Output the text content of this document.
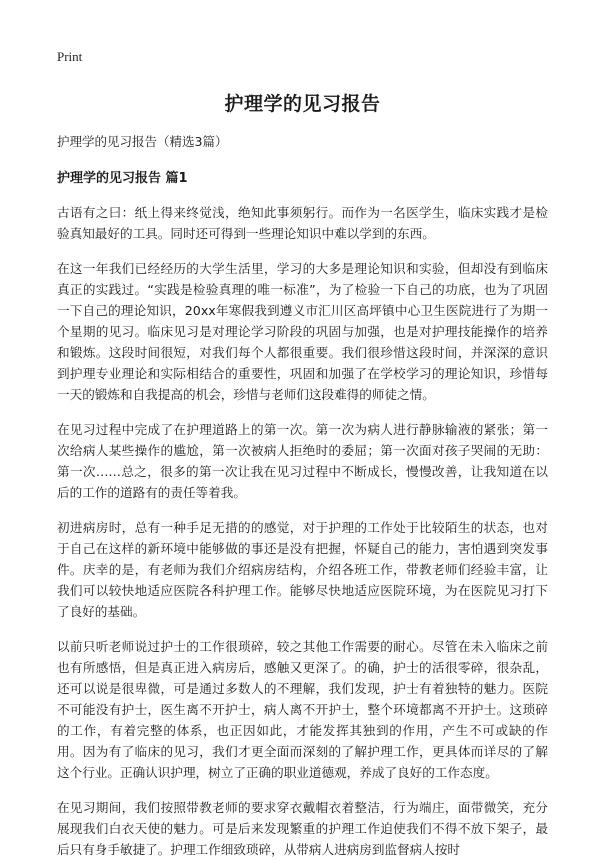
Print
护理学的见习报告
护理学的见习报告（精选3篇）
护理学的见习报告 篇1

古语有之曰：纸上得来终觉浅，绝知此事须躬行。而作为一名医学生，临床实践才是检验真知最好的工具。同时还可得到一些理论知识中难以学到的东西。

在这一年我们已经经历的大学生活里，学习的大多是理论知识和实验，但却没有到临床真正的实践过。“实践是检验真理的唯一标准”，为了检验一下自己的功底，也为了巩固一下自己的理论知识，20xx年寒假我到遵义市汇川区高坪镇中心卫生医院进行了为期一个星期的见习。临床见习是对理论学习阶段的巩固与加强，也是对护理技能操作的培养和锻炼。这段时间很短，对我们每个人都很重要。我们很珍惜这段时间，并深深的意识到护理专业理论和实际相结合的重要性，巩固和加强了在学校学习的理论知识，珍惜每一天的锻炼和自我提高的机会，珍惜与老师们这段难得的师徒之情。

在见习过程中完成了在护理道路上的第一次。第一次为病人进行静脉输液的紧张；第一次给病人某些操作的尴尬，第一次被病人拒绝时的委屈；第一次面对孩子哭闹的无助：第一次……总之，很多的第一次让我在见习过程中不断成长，慢慢改善，让我知道在以后的工作的道路有的责任等着我。

初进病房时，总有一种手足无措的的感觉，对于护理的工作处于比较陌生的状态，也对于自己在这样的新环境中能够做的事还是没有把握，怀疑自己的能力，害怕遇到突发事件。庆幸的是，有老师为我们介绍病房结构，介绍各班工作，带教老师们经验丰富，让我们可以较快地适应医院各科护理工作。能够尽快地适应医院环境，为在医院见习打下了良好的基础。

以前只听老师说过护士的工作很琐碎，较之其他工作需要的耐心。尽管在未入临床之前也有所感悟，但是真正进入病房后，感触又更深了。的确，护士的活很零碎，很杂乱，还可以说是很卑微，可是通过多数人的不理解，我们发现，护士有着独特的魅力。医院不可能没有护士，医生离不开护士，病人离不开护士，整个环境都离不开护士。这琐碎的工作，有着完整的体系，也正因如此，才能发挥其独到的作用，产生不可或缺的作用。因为有了临床的见习，我们才更全面而深刻的了解护理工作，更具体而详尽的了解这个行业。正确认识护理，树立了正确的职业道德观，养成了良好的工作态度。

在见习期间，我们按照带教老师的要求穿衣戴帽衣着整洁，行为端庄，面带微笑，充分展现我们白衣天使的魅力。可是后来发现繁重的护理工作迫使我们不得不放下架子，最后只有身手敏捷了。护理工作细致琐碎，从带病人进病房到监督病人按时
